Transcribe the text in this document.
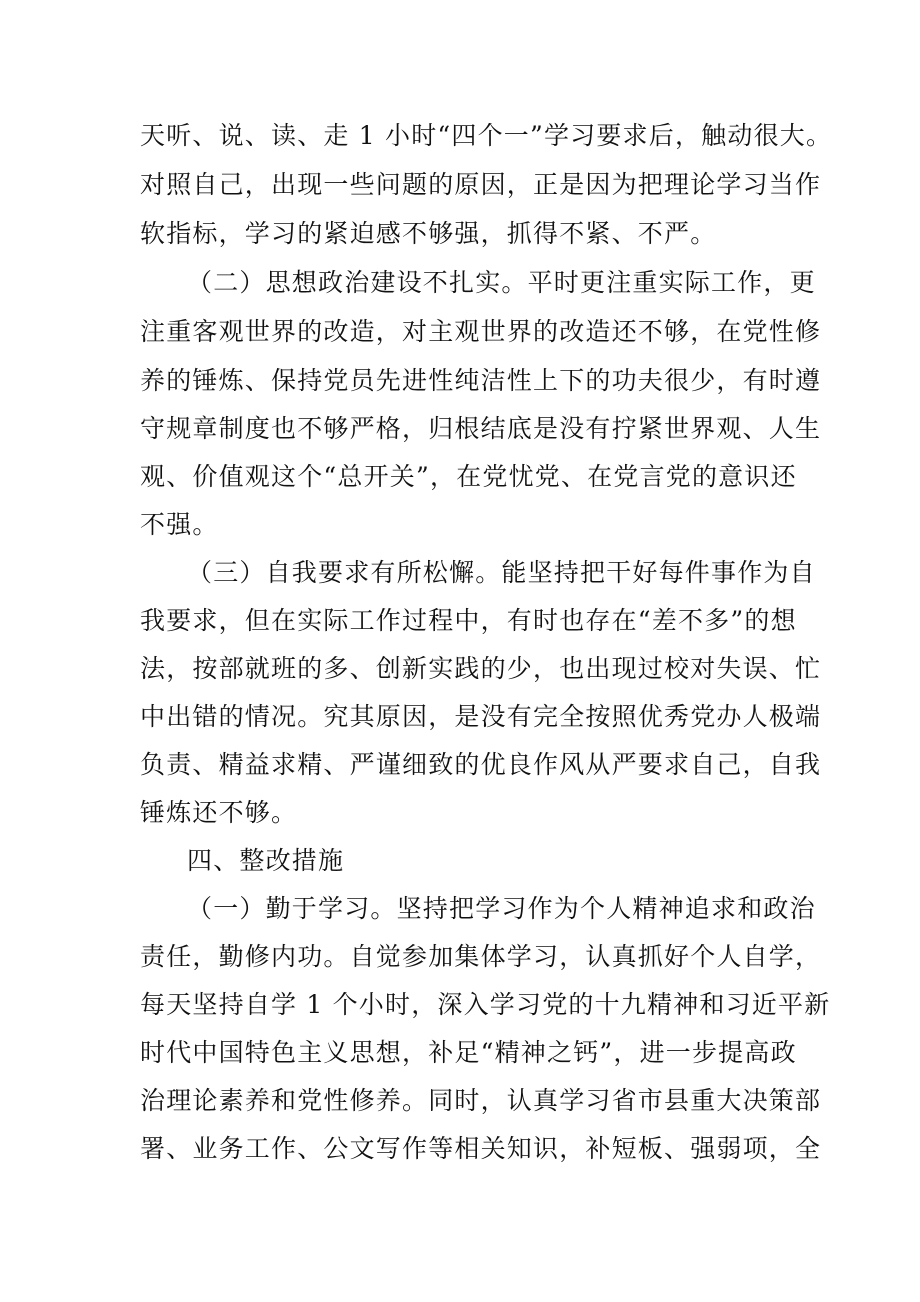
天听、说、读、走 1 小时“四个一”学习要求后，触动很大。
对照自己，出现一些问题的原因，正是因为把理论学习当作
软指标，学习的紧迫感不够强，抓得不紧、不严。
（二）思想政治建设不扎实。平时更注重实际工作，更
注重客观世界的改造，对主观世界的改造还不够，在党性修
养的锤炼、保持党员先进性纯洁性上下的功夫很少，有时遵
守规章制度也不够严格，归根结底是没有拧紧世界观、人生
观、价值观这个“总开关”，在党忧党、在党言党的意识还
不强。
（三）自我要求有所松懈。能坚持把干好每件事作为自
我要求，但在实际工作过程中，有时也存在“差不多”的想
法，按部就班的多、创新实践的少，也出现过校对失误、忙
中出错的情况。究其原因，是没有完全按照优秀党办人极端
负责、精益求精、严谨细致的优良作风从严要求自己，自我
锤炼还不够。
四、整改措施
（一）勤于学习。坚持把学习作为个人精神追求和政治
责任，勤修内功。自觉参加集体学习，认真抓好个人自学，
每天坚持自学 1 个小时，深入学习党的十九精神和习近平新
时代中国特色主义思想，补足“精神之钙”，进一步提高政
治理论素养和党性修养。同时，认真学习省市县重大决策部
署、业务工作、公文写作等相关知识，补短板、强弱项，全
